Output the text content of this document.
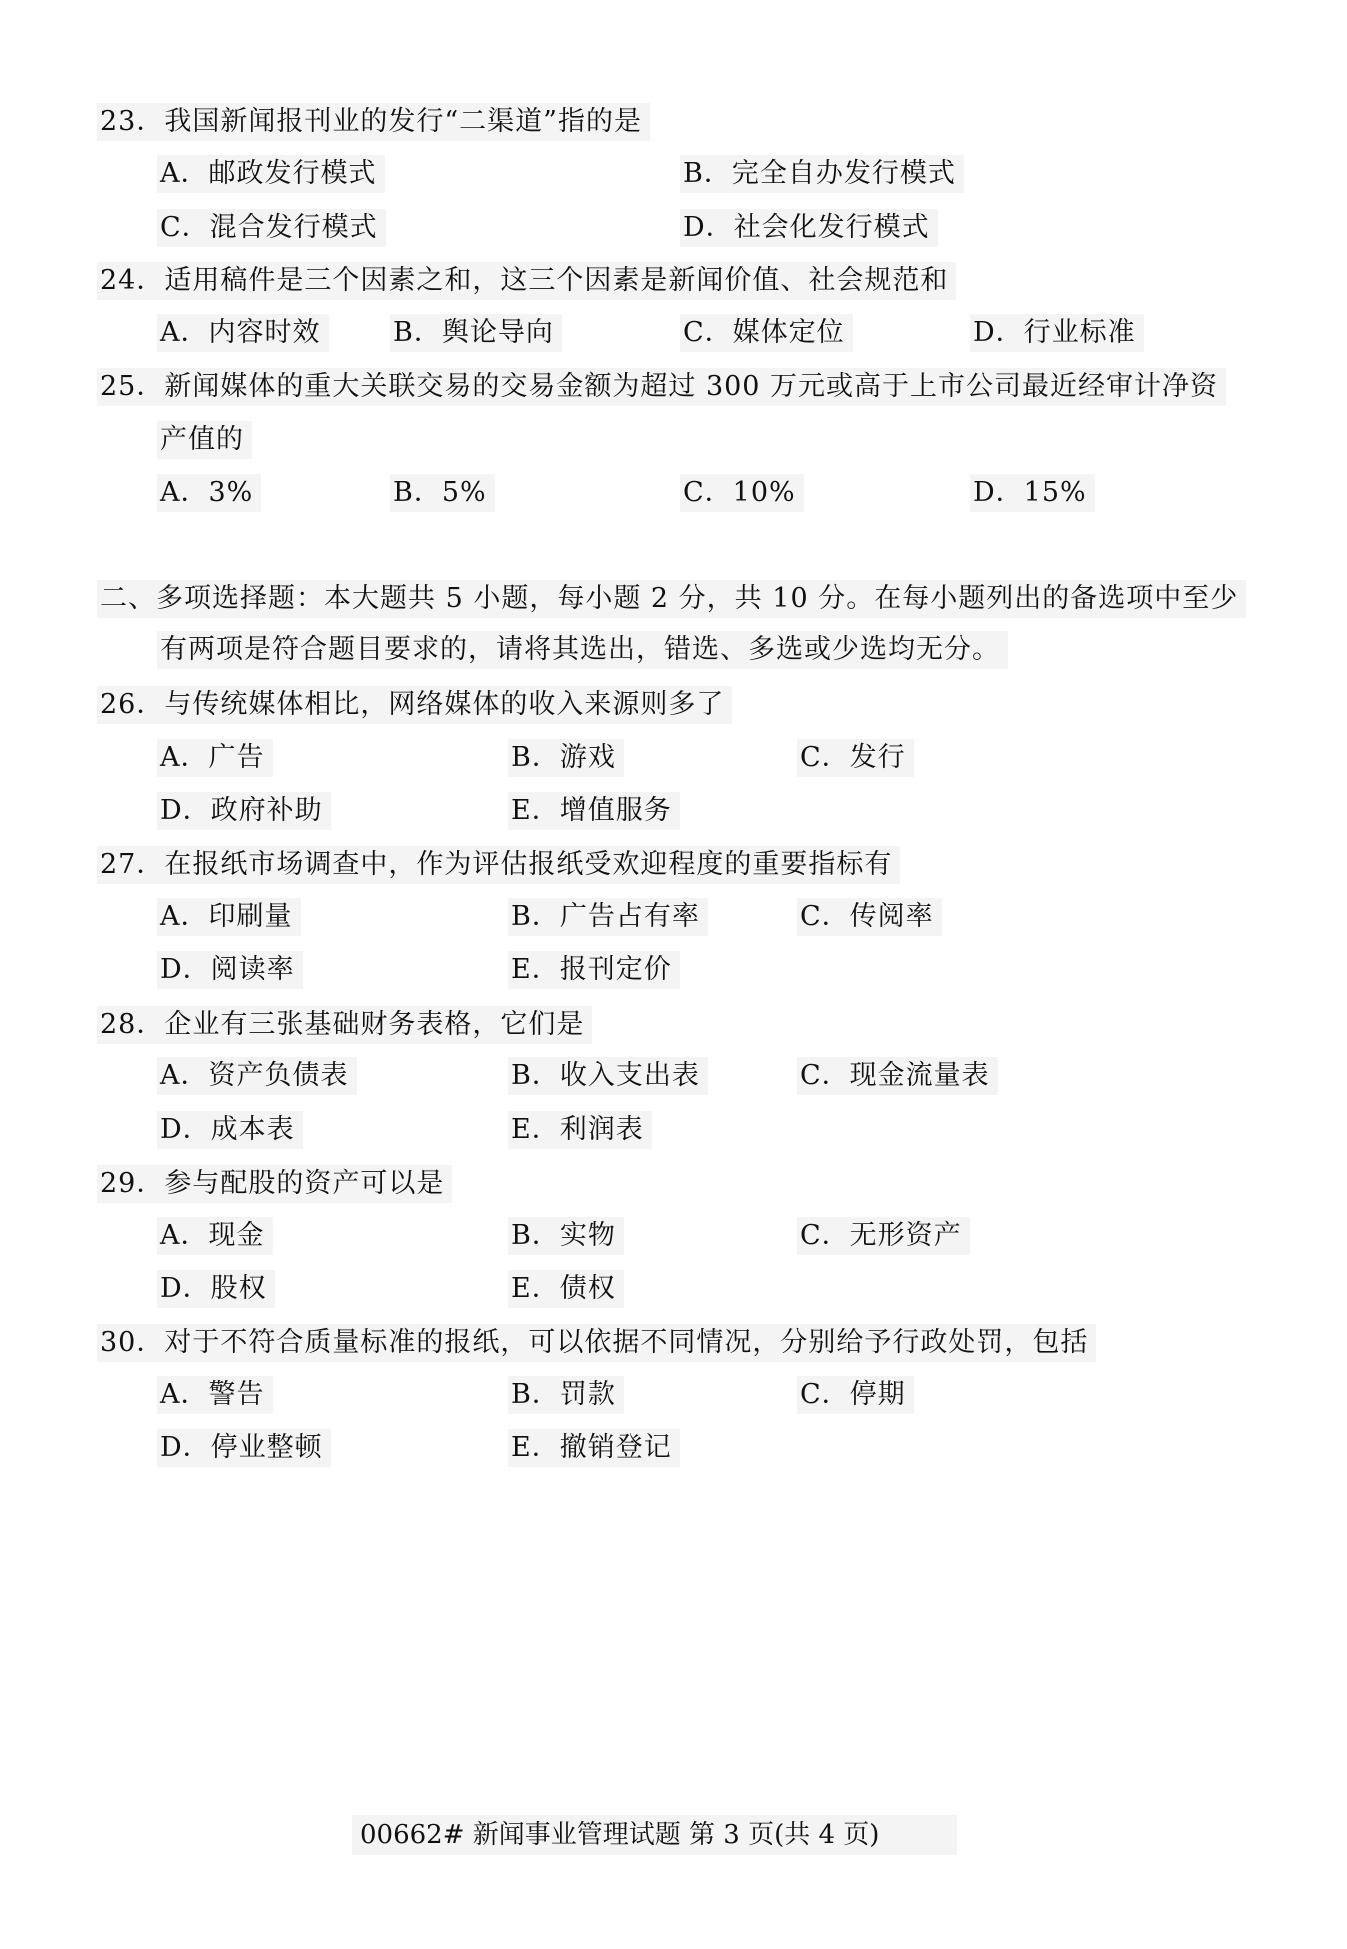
23．我国新闻报刊业的发行“二渠道”指的是
A．邮政发行模式	B．完全自办发行模式
C．混合发行模式	D．社会化发行模式
24．适用稿件是三个因素之和，这三个因素是新闻价值、社会规范和
A．内容时效	B．舆论导向	C．媒体定位	D．行业标准
25．新闻媒体的重大关联交易的交易金额为超过 300 万元或高于上市公司最近经审计净资
产值的
A．3%	B．5%	C．10%	D．15%
二、多项选择题：本大题共 5 小题，每小题 2 分，共 10 分。在每小题列出的备选项中至少
有两项是符合题目要求的，请将其选出，错选、多选或少选均无分。
26．与传统媒体相比，网络媒体的收入来源则多了
A．广告	B．游戏	C．发行
D．政府补助	E．增值服务
27．在报纸市场调查中，作为评估报纸受欢迎程度的重要指标有
A．印刷量	B．广告占有率	C．传阅率
D．阅读率	E．报刊定价
28．企业有三张基础财务表格，它们是
A．资产负债表	B．收入支出表	C．现金流量表
D．成本表	E．利润表
29．参与配股的资产可以是
A．现金	B．实物	C．无形资产
D．股权	E．债权
30．对于不符合质量标准的报纸，可以依据不同情况，分别给予行政处罚，包括
A．警告	B．罚款	C．停期
D．停业整顿	E．撤销登记
00662# 新闻事业管理试题 第 3 页(共 4 页)
